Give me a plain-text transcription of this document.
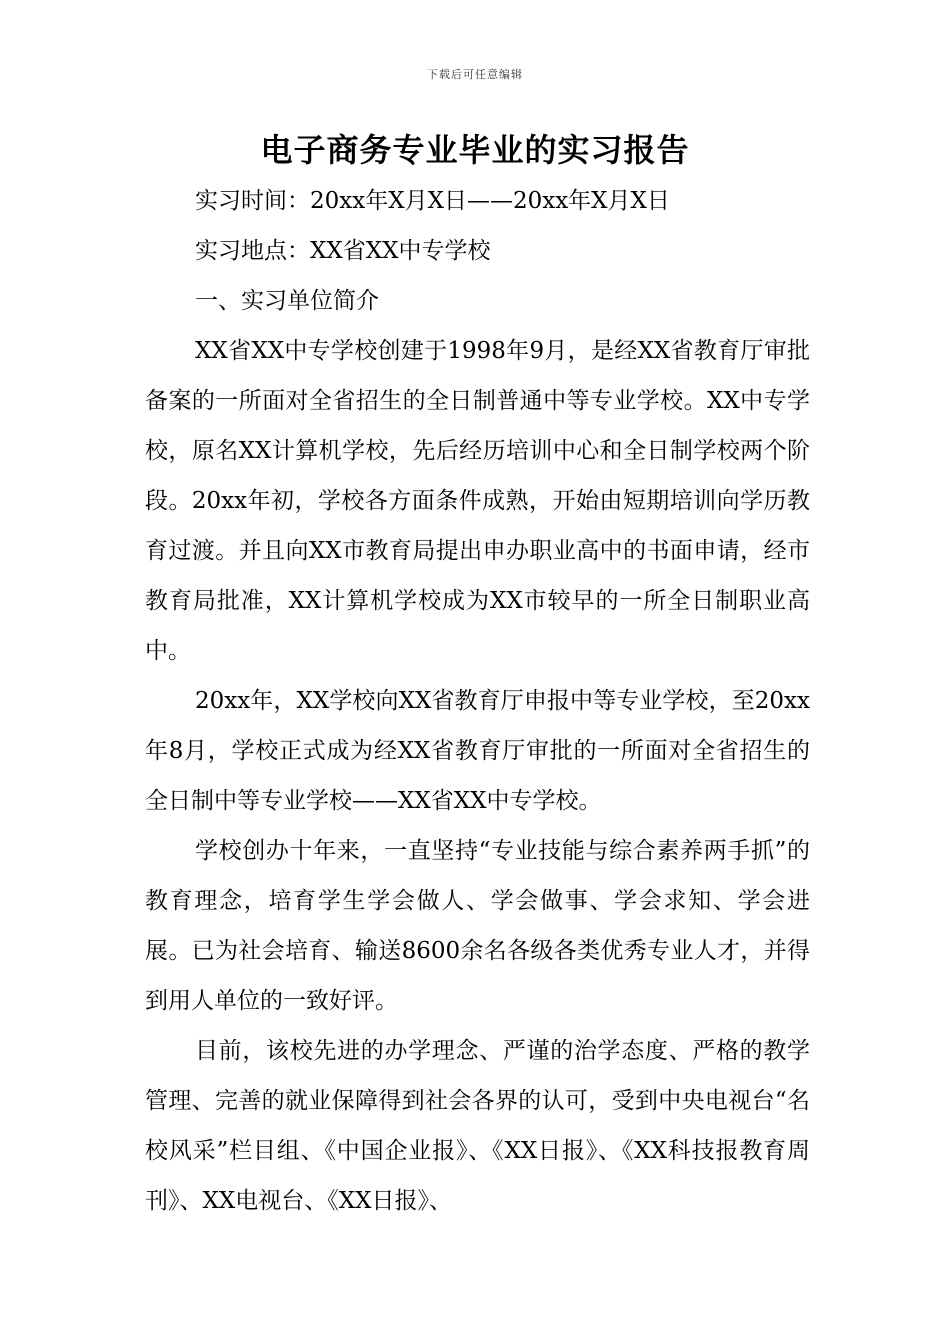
下载后可任意编辑
电子商务专业毕业的实习报告

实习时间：20xx年X月X日——20xx年X月X日

实习地点：XX省XX中专学校

一、实习单位简介

XX省XX中专学校创建于1998年9月，是经XX省教育厅审批备案的一所面对全省招生的全日制普通中等专业学校。XX中专学校，原名XX计算机学校，先后经历培训中心和全日制学校两个阶段。20xx年初，学校各方面条件成熟，开始由短期培训向学历教育过渡。并且向XX市教育局提出申办职业高中的书面申请，经市教育局批准，XX计算机学校成为XX市较早的一所全日制职业高中。

20xx年，XX学校向XX省教育厅申报中等专业学校，至20xx年8月，学校正式成为经XX省教育厅审批的一所面对全省招生的全日制中等专业学校——XX省XX中专学校。

学校创办十年来，一直坚持“专业技能与综合素养两手抓”的教育理念，培育学生学会做人、学会做事、学会求知、学会进展。已为社会培育、输送8600余名各级各类优秀专业人才，并得到用人单位的一致好评。

目前，该校先进的办学理念、严谨的治学态度、严格的教学管理、完善的就业保障得到社会各界的认可，受到中央电视台“名校风采”栏目组、《中国企业报》、《XX日报》、《XX科技报教育周刊》、XX电视台、《XX日报》、
